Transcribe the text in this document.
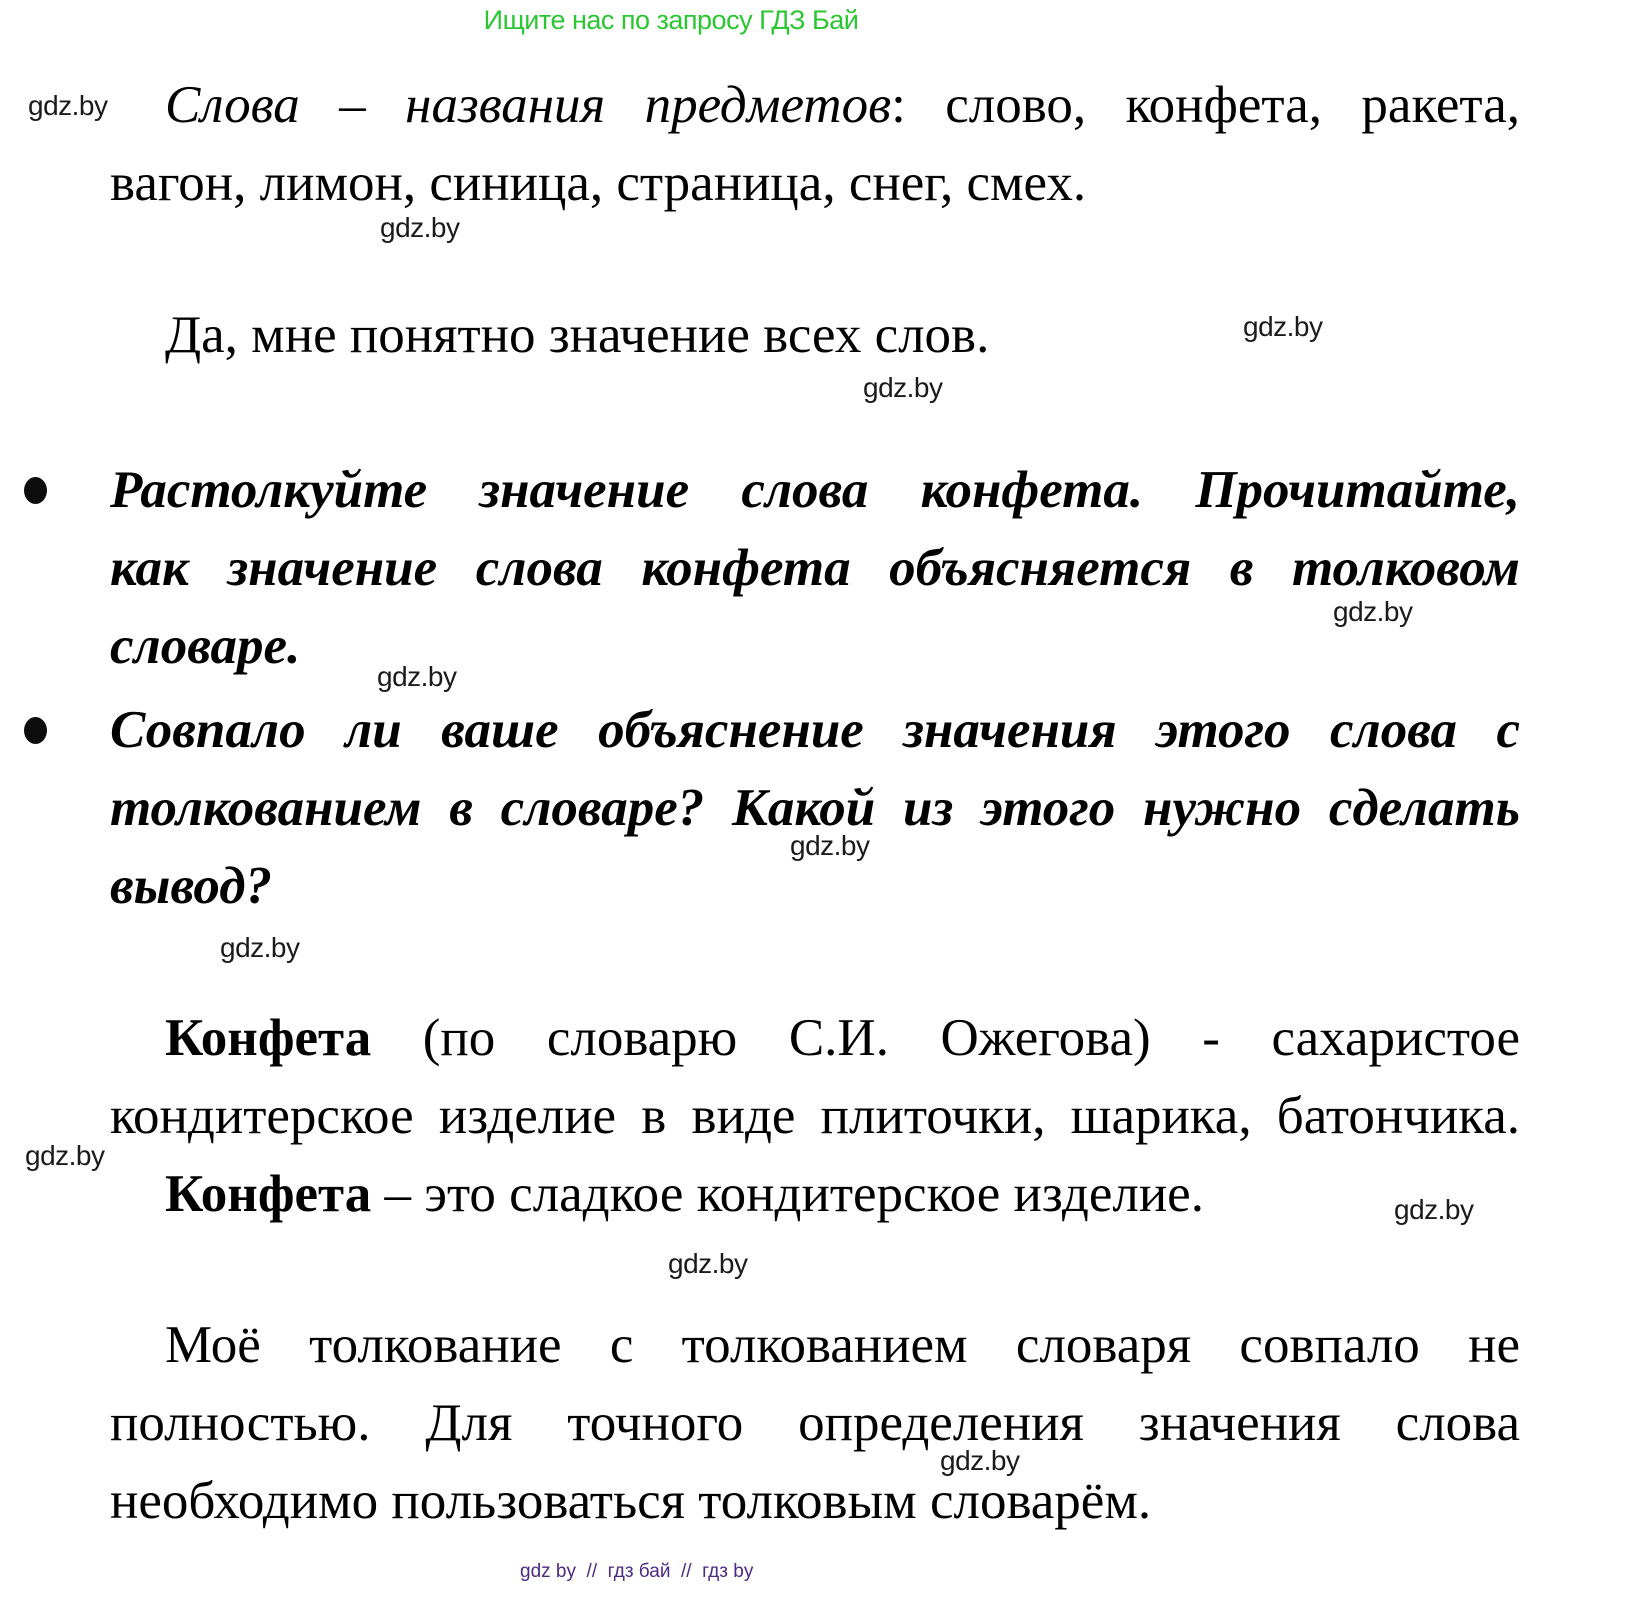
Ищите нас по запросу ГДЗ Бай
gdz.by
gdz.by
gdz.by
gdz.by
gdz.by
gdz.by
gdz.by
gdz.by
gdz.by
gdz.by
gdz.by
gdz.by
Слова – названия предметов: слово, конфета, ракета,
вагон, лимон, синица, страница, снег, смех.
Да, мне понятно значение всех слов.
Растолкуйте значение слова конфета. Прочитайте,
как значение слова конфета объясняется в толковом
словаре.
Совпало ли ваше объяснение значения этого слова с
толкованием в словаре? Какой из этого нужно сделать
вывод?
Конфета (по словарю С.И. Ожегова) - сахаристое
кондитерское изделие в виде плиточки, шарика, батончика.
Конфета – это сладкое кондитерское изделие.
Моё толкование с толкованием словаря совпало не
полностью. Для точного определения значения слова
необходимо пользоваться толковым словарём.
gdz by  //  гдз бай  //  гдз by
